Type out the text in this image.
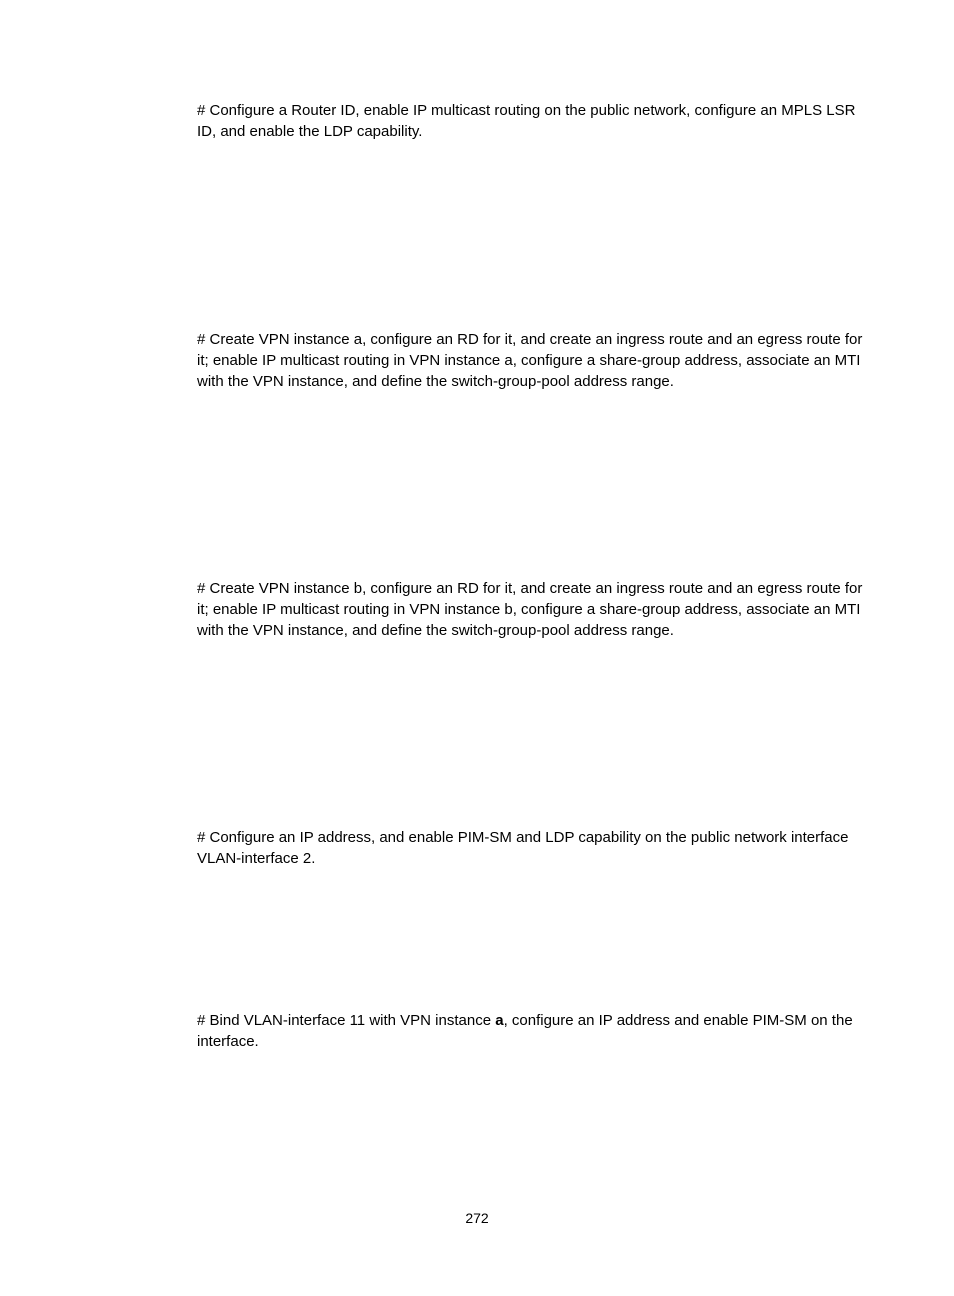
# Configure a Router ID, enable IP multicast routing on the public network, configure an MPLS LSR ID, and enable the LDP capability.

# Create VPN instance a, configure an RD for it, and create an ingress route and an egress route for it; enable IP multicast routing in VPN instance a, configure a share-group address, associate an MTI with the VPN instance, and define the switch-group-pool address range.

# Create VPN instance b, configure an RD for it, and create an ingress route and an egress route for it; enable IP multicast routing in VPN instance b, configure a share-group address, associate an MTI with the VPN instance, and define the switch-group-pool address range.

# Configure an IP address, and enable PIM-SM and LDP capability on the public network interface VLAN-interface 2.

# Bind VLAN-interface 11 with VPN instance a, configure an IP address and enable PIM-SM on the interface.

272
